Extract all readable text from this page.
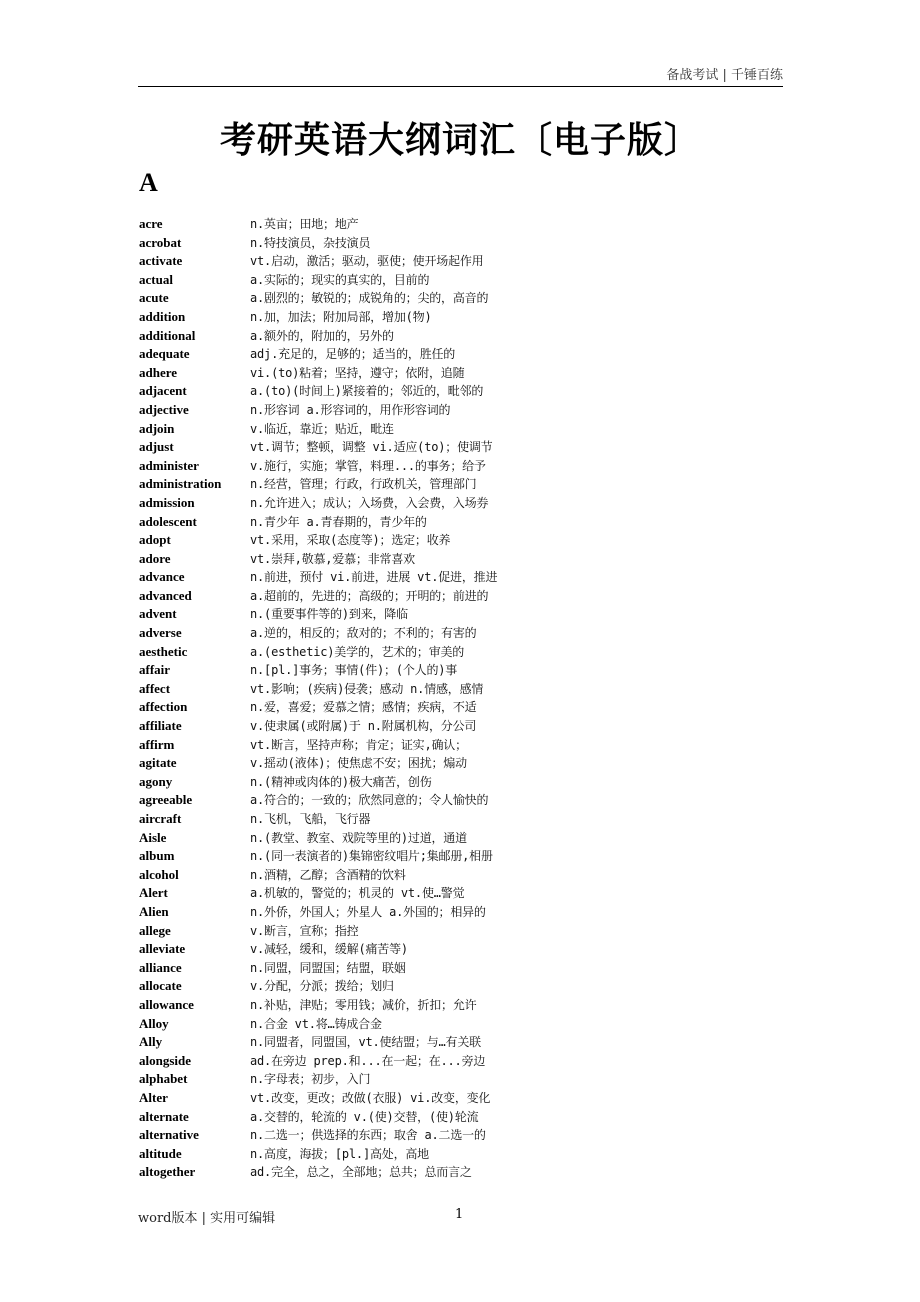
备战考试 | 千锤百练
考研英语大纲词汇〔电子版〕
A
acre	n.英亩；田地；地产
acrobat	n.特技演员，杂技演员
activate	vt.启动，激活；驱动，驱使；使开场起作用
actual	a.实际的；现实的真实的，目前的
acute	a.剧烈的；敏锐的；成锐角的；尖的，高音的
addition	n.加，加法；附加局部，增加(物)
additional	a.额外的，附加的，另外的
adequate	adj.充足的，足够的；适当的，胜任的
adhere	vi.(to)粘着；坚持，遵守；依附，追随
adjacent	a.(to)(时间上)紧接着的；邻近的，毗邻的
adjective	n.形容词 a.形容词的，用作形容词的
adjoin	v.临近，靠近；贴近，毗连
adjust	vt.调节；整顿，调整 vi.适应(to)；使调节
administer	v.施行，实施；掌管，料理...的事务；给予
administration n.经营，管理；行政，行政机关，管理部门
admission	n.允许进入；成认；入场费，入会费，入场券
adolescent	n.青少年 a.青春期的，青少年的
adopt	vt.采用，采取(态度等)；选定；收养
adore	vt.崇拜,敬慕,爱慕；非常喜欢
advance	n.前进，预付 vi.前进，进展 vt.促进，推进
advanced	a.超前的，先进的；高级的；开明的；前进的
advent	n.(重要事件等的)到来，降临
adverse	a.逆的，相反的；敌对的；不利的；有害的
aesthetic	a.(esthetic)美学的，艺术的；审美的
affair	n.[pl.]事务；事情(件)；(个人的)事
affect	vt.影响；(疾病)侵袭；感动 n.情感，感情
affection	n.爱，喜爱；爱慕之情；感情；疾病，不适
affiliate	v.使隶属(或附属)于 n.附属机构，分公司
affirm	vt.断言，坚持声称；肯定；证实,确认；
agitate	v.摇动(液体)；使焦虑不安；困扰；煽动
agony	n.(精神或肉体的)极大痛苦，创伤
agreeable	a.符合的；一致的；欣然同意的；令人愉快的
aircraft	n.飞机，飞船，飞行器
Aisle	n.(教堂、教室、戏院等里的)过道，通道
album	n.(同一表演者的)集锦密纹唱片;集邮册,相册
alcohol	n.酒精，乙醇；含酒精的饮料
Alert	a.机敏的，警觉的；机灵的 vt.使…警觉
Alien	n.外侨，外国人；外星人 a.外国的；相异的
allege	v.断言，宣称；指控
alleviate	v.减轻，缓和，缓解(痛苦等)
alliance	n.同盟，同盟国；结盟，联姻
allocate	v.分配，分派；拨给；划归
allowance	n.补贴，津贴；零用钱；减价，折扣；允许
Alloy	n.合金 vt.将…铸成合金
Ally	n.同盟者，同盟国，vt.使结盟；与…有关联
alongside	ad.在旁边 prep.和...在一起；在...旁边
alphabet	n.字母表；初步，入门
Alter	vt.改变，更改；改做(衣服) vi.改变，变化
alternate	a.交替的，轮流的 v.(使)交替，(使)轮流
alternative	n.二选一；供选择的东西；取舍 a.二选一的
altitude	n.高度，海拔；[pl.]高处，高地
altogether	ad.完全，总之，全部地；总共；总而言之
word版本 | 实用可编辑	1
